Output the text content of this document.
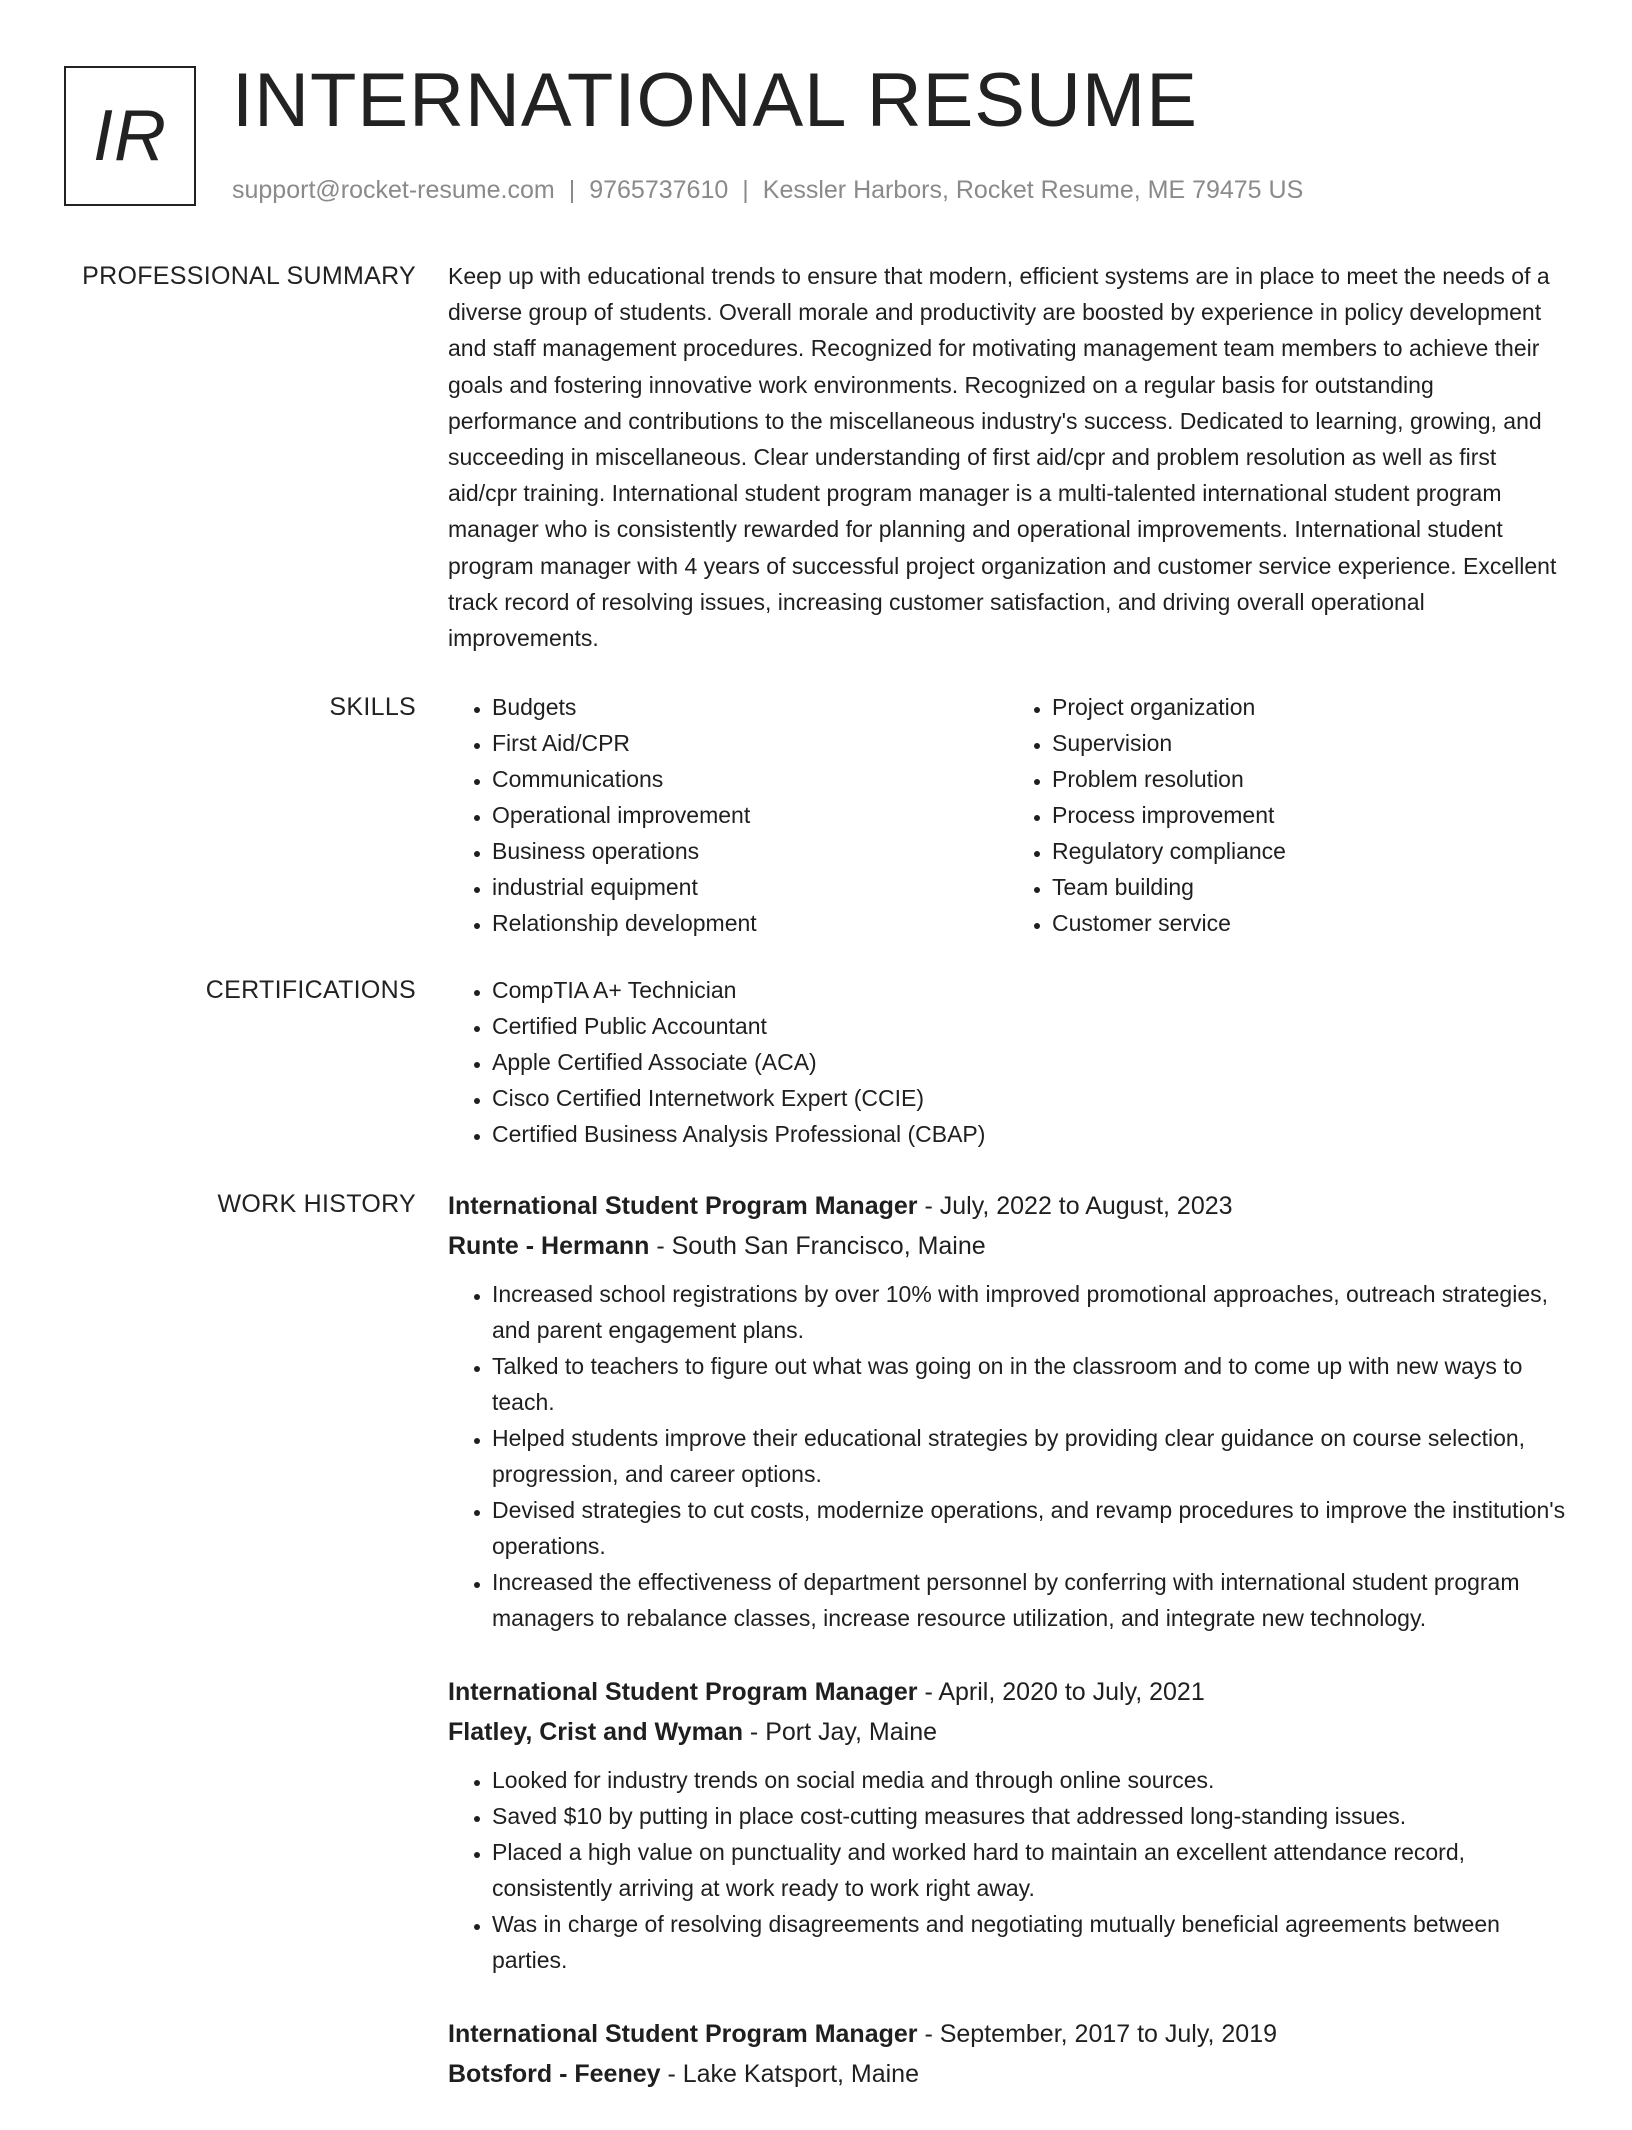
IR INTERNATIONAL RESUME
support@rocket-resume.com | 9765737610 | Kessler Harbors, Rocket Resume, ME 79475 US
PROFESSIONAL SUMMARY Keep up with educational trends to ensure that modern, efficient systems are in place to meet the needs of a diverse group of students. Overall morale and productivity are boosted by experience in policy development and staff management procedures. Recognized for motivating management team members to achieve their goals and fostering innovative work environments. Recognized on a regular basis for outstanding performance and contributions to the miscellaneous industry's success. Dedicated to learning, growing, and succeeding in miscellaneous. Clear understanding of first aid/cpr and problem resolution as well as first aid/cpr training. International student program manager is a multi-talented international student program manager who is consistently rewarded for planning and operational improvements. International student program manager with 4 years of successful project organization and customer service experience. Excellent track record of resolving issues, increasing customer satisfaction, and driving overall operational improvements.

SKILLS	• Budgets
• First Aid/CPR
• Communications
• Operational improvement
• Business operations
• industrial equipment
• Relationship development
• Project organization
• Supervision
• Problem resolution
• Process improvement
• Regulatory compliance
• Team building
• Customer service
CERTIFICATIONS	• CompTIA A+ Technician
• Certified Public Accountant
• Apple Certified Associate (ACA)
• Cisco Certified Internetwork Expert (CCIE)
• Certified Business Analysis Professional (CBAP)
WORK HISTORY International Student Program Manager - July, 2022 to August, 2023
Runte - Hermann - South San Francisco, Maine
• Increased school registrations by over 10% with improved promotional approaches, outreach strategies, and parent engagement plans.
• Talked to teachers to figure out what was going on in the classroom and to come up with new ways to teach.
• Helped students improve their educational strategies by providing clear guidance on course selection, progression, and career options.
• Devised strategies to cut costs, modernize operations, and revamp procedures to improve the institution's operations.
• Increased the effectiveness of department personnel by conferring with international student program managers to rebalance classes, increase resource utilization, and integrate new technology.
International Student Program Manager - April, 2020 to July, 2021
Flatley, Crist and Wyman - Port Jay, Maine
• Looked for industry trends on social media and through online sources.
• Saved $10 by putting in place cost-cutting measures that addressed long-standing issues.
• Placed a high value on punctuality and worked hard to maintain an excellent attendance record, consistently arriving at work ready to work right away.
• Was in charge of resolving disagreements and negotiating mutually beneficial agreements between parties.
International Student Program Manager - September, 2017 to July, 2019
Botsford - Feeney - Lake Katsport, Maine
